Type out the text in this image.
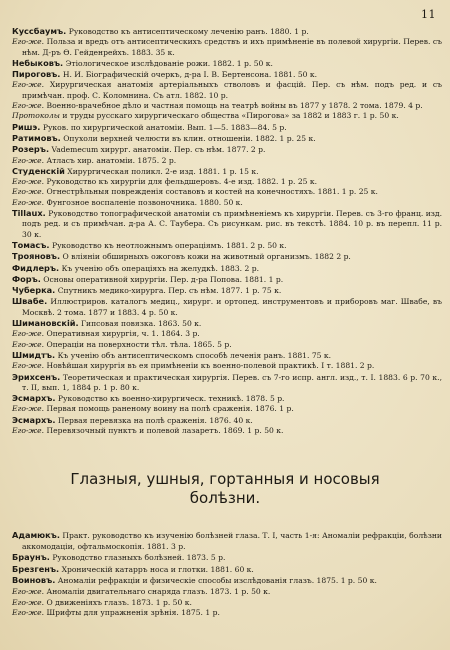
11

Куссбаумъ. Руководство къ антисептическому леченію ранъ. 1880. 1 р.

Его-же. Польза и вредъ отъ антисептическихъ средствъ и ихъ примѣненіе въ полевой хирургіи. Перев. съ нѣм. Д-ръ Ѳ. Гейденрейхъ. 1883. 35 к.

Небыковъ. Этіологическое изслѣдованіе рожи. 1882. 1 р. 50 к.

Пироговъ. Н. И. Біографическій очеркъ, д-ра I. В. Бертенсона. 1881. 50 к.

Его-же. Хирургическая анатомія артеріальныхъ стволовъ и фасцій. Пер. съ нѣм. подъ ред. и съ примѣчан. проф. С. Коломнина. Съ атл. 1882. 10 р.

Его-же. Военно-врачебное дѣло и частная помощь на театрѣ войны въ 1877 у 1878. 2 тома. 1879. 4 р.

Протоколы и труды русскаго хирургическаго общества «Пирогова» за 1882 и 1883 г. 1 р. 50 к.

Ришэ. Руков. по хирургической анатоміи. Вып. 1—5. 1883—84. 5 р.

Ратимовъ. Опухоли верхней челюсти въ клин. отношеніи. 1882. 1 р. 25 к.

Розеръ. Vademecum хирург. анатоміи. Пер. съ нѣм. 1877. 2 р.

Его-же. Атласъ хир. анатоміи. 1875. 2 р.

Студенскій Хирургическая поликл. 2-е изд. 1881. 1 р. 15 к.

Его-же. Руководство къ хирургіи для фельдшеровъ. 4-е изд. 1882. 1 р. 25 к.

Его-же. Огнестрѣльныя поврежденія составовъ и костей на конечностяхъ. 1881. 1 р. 25 к.

Его-же. Фунгозное воспаленіе позвоночника. 1880. 50 к.

Tillaux. Руководство топографической анатоміи съ примѣненіемъ къ хирургіи. Перев. съ 3-го франц. изд. подъ ред. и съ примѣчан. д-ра А. С. Таубера. Съ рисункам. рис. въ текстѣ. 1884. 10 р. въ перепл. 11 р. 30 к.

Томасъ. Руководство къ неотложнымъ операціямъ. 1881. 2 р. 50 к.

Трояновъ. О вліяніи обширныхъ ожоговъ кожи на животный организмъ. 1882 2 р.

Фидлеръ. Къ ученію объ операціяхъ на желудкѣ. 1883. 2 р.

Форъ. Основы оперативной хирургіи. Пер. д-ра Попова. 1881. 1 р.

Чуберка. Спутникъ медико-хирурга. Пер. съ нѣм. 1877. 1 р. 75 к.

Швабе. Иллюстриров. каталогъ медиц., хирург. и ортопед. инструментовъ и приборовъ маг. Швабе, въ Москвѣ. 2 тома. 1877 и 1883. 4 р. 50 к.

Шимановскій. Гипсовая повязка. 1863. 50 к.

Его-же. Оперативная хирургія, ч. 1. 1864. 3 р.

Его-же. Операціи на поверхности тѣл. тѣла. 1865. 5 р.

Шмидтъ. Къ ученію объ антисептическомъ способѣ леченія ранъ. 1881. 75 к.

Его-же. Новѣйшая хирургія въ ея примѣненіи къ военно-полевой практикѣ. I т. 1881. 2 р.

Эрихсенъ. Теоретическая и практическая хирургія. Перев. съ 7-го испр. англ. изд., т. I. 1883. 6 р. 70 к., т. II, вып. 1, 1884 р. 1 р. 80 к.

Эсмархъ. Руководство къ военно-хирургическ. техникѣ. 1878. 5 р.

Его-же. Первая помощь раненому воину на полѣ сраженія. 1876. 1 р.

Эсмархъ. Первая перевязка на полѣ сраженія. 1876. 40 к.

Его-же. Перевязочный пунктъ и полевой лазаретъ. 1869. 1 р. 50 к.

Глазныя, ушныя, гортанныя и носовыя
болѣзни.

Адамюкъ. Практ. руководство къ изученію болѣзней глаза. Т. I, часть 1-я: Аномаліи рефракціи, болѣзни аккомодаціи, офтальмоскопія. 1881. 3 р.

Браунъ. Руководство глазныхъ болѣзней. 1873. 5 р.

Брезгенъ. Хроническій катарръ носа и глотки. 1881. 60 к.

Воиновъ. Аномаліи рефракціи и физическіе способы изслѣдованія глазъ. 1875. 1 р. 50 к.

Его-же. Аномаліи двигательнаго снаряда глазъ. 1873. 1 р. 50 к.

Его-же. О движеніяхъ глазъ. 1873. 1 р. 50 к.

Его-же. Шрифты для упражненія зрѣнія. 1875. 1 р.
